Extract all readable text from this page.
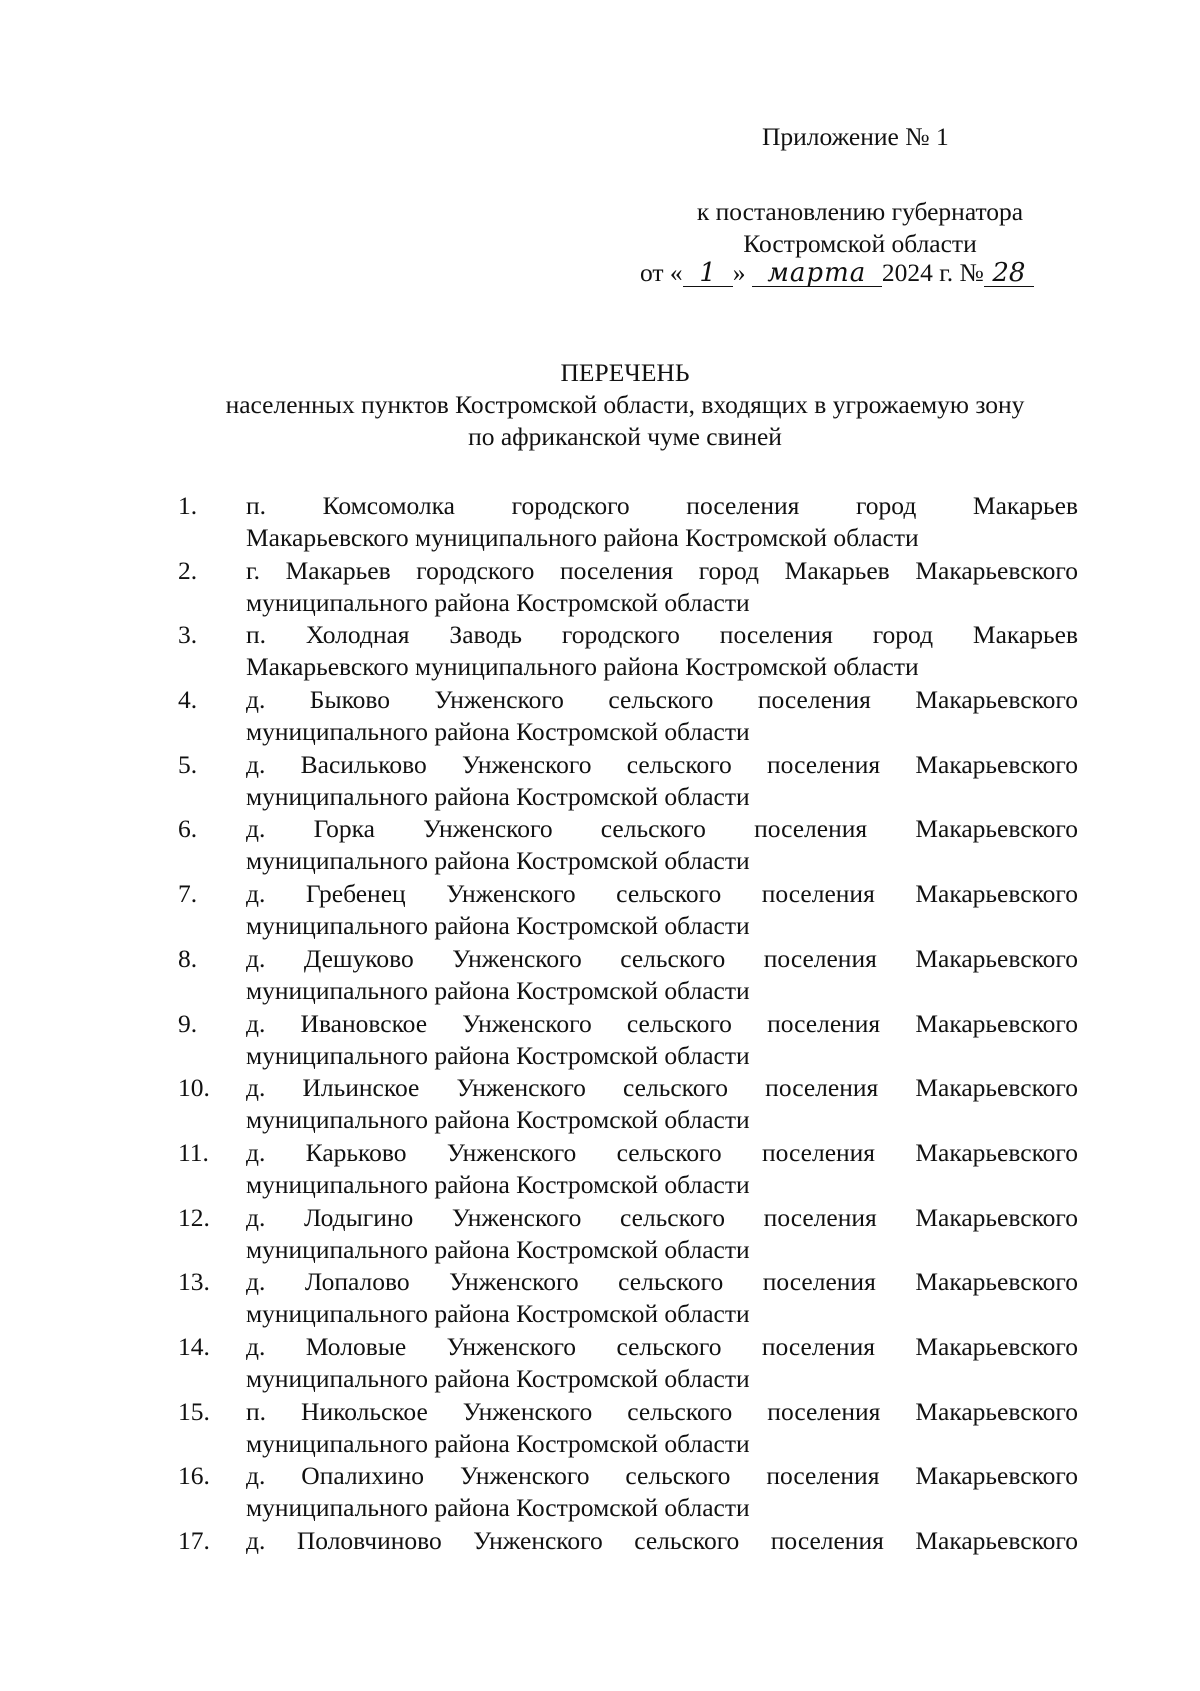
Приложение № 1
к постановлению губернатора
Костромской области
от « 1 » марта 2024 г. № 28
ПЕРЕЧЕНЬ
населенных пунктов Костромской области, входящих в угрожаемую зону
по африканской чуме свиней
1.	п. Комсомолка городского поселения город Макарьев
Макарьевского муниципального района Костромской области
2.	г. Макарьев городского поселения город Макарьев Макарьевского
муниципального района Костромской области
3.	п. Холодная Заводь городского поселения город Макарьев
Макарьевского муниципального района Костромской области
4.	д. Быково Унженского сельского поселения Макарьевского
муниципального района Костромской области
5.	д. Васильково Унженского сельского поселения Макарьевского
муниципального района Костромской области
6.	д. Горка Унженского сельского поселения Макарьевского
муниципального района Костромской области
7.	д. Гребенец Унженского сельского поселения Макарьевского
муниципального района Костромской области
8.	д. Дешуково Унженского сельского поселения Макарьевского
муниципального района Костромской области
9.	д. Ивановское Унженского сельского поселения Макарьевского
муниципального района Костромской области
10.	д. Ильинское Унженского сельского поселения Макарьевского
муниципального района Костромской области
11.	д. Карьково Унженского сельского поселения Макарьевского
муниципального района Костромской области
12.	д. Лодыгино Унженского сельского поселения Макарьевского
муниципального района Костромской области
13.	д. Лопалово Унженского сельского поселения Макарьевского
муниципального района Костромской области
14.	д. Моловые Унженского сельского поселения Макарьевского
муниципального района Костромской области
15.	п. Никольское Унженского сельского поселения Макарьевского
муниципального района Костромской области
16.	д. Опалихино Унженского сельского поселения Макарьевского
муниципального района Костромской области
17.	д. Половчиново Унженского сельского поселения Макарьевского
